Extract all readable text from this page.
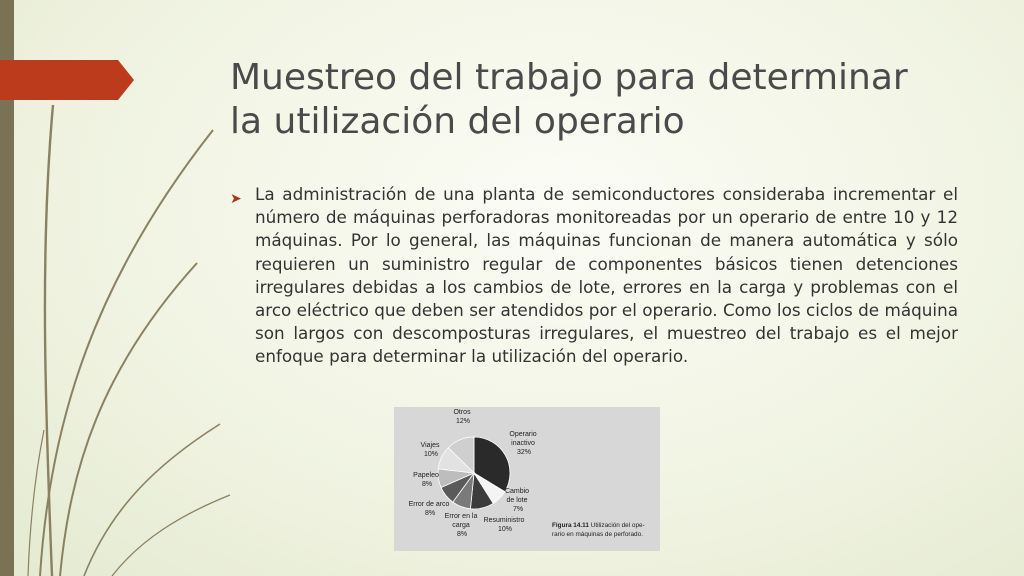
Muestreo del trabajo para determinar
la utilización del operario
➤ La administración de una planta de semiconductores consideraba incrementar el número de máquinas perforadoras monitoreadas por un operario de entre 10 y 12 máquinas. Por lo general, las máquinas funcionan de manera automática y sólo requieren un suministro regular de componentes básicos tienen detenciones irregulares debidas a los cambios de lote, errores en la carga y problemas con el arco eléctrico que deben ser atendidos por el operario. Como los ciclos de máquina son largos con descomposturas irregulares, el muestreo del trabajo es el mejor enfoque para determinar la utilización del operario.

Otros 12%
Operario inactivo 32%
Viajes 10%
Papeleo 8%
Error de arco 8%
Cambio de lote 7%
Error en la carga 8%
Resuministro 10%
Figura 14.11 Utilización del ope- rario en máquinas de perforado.
